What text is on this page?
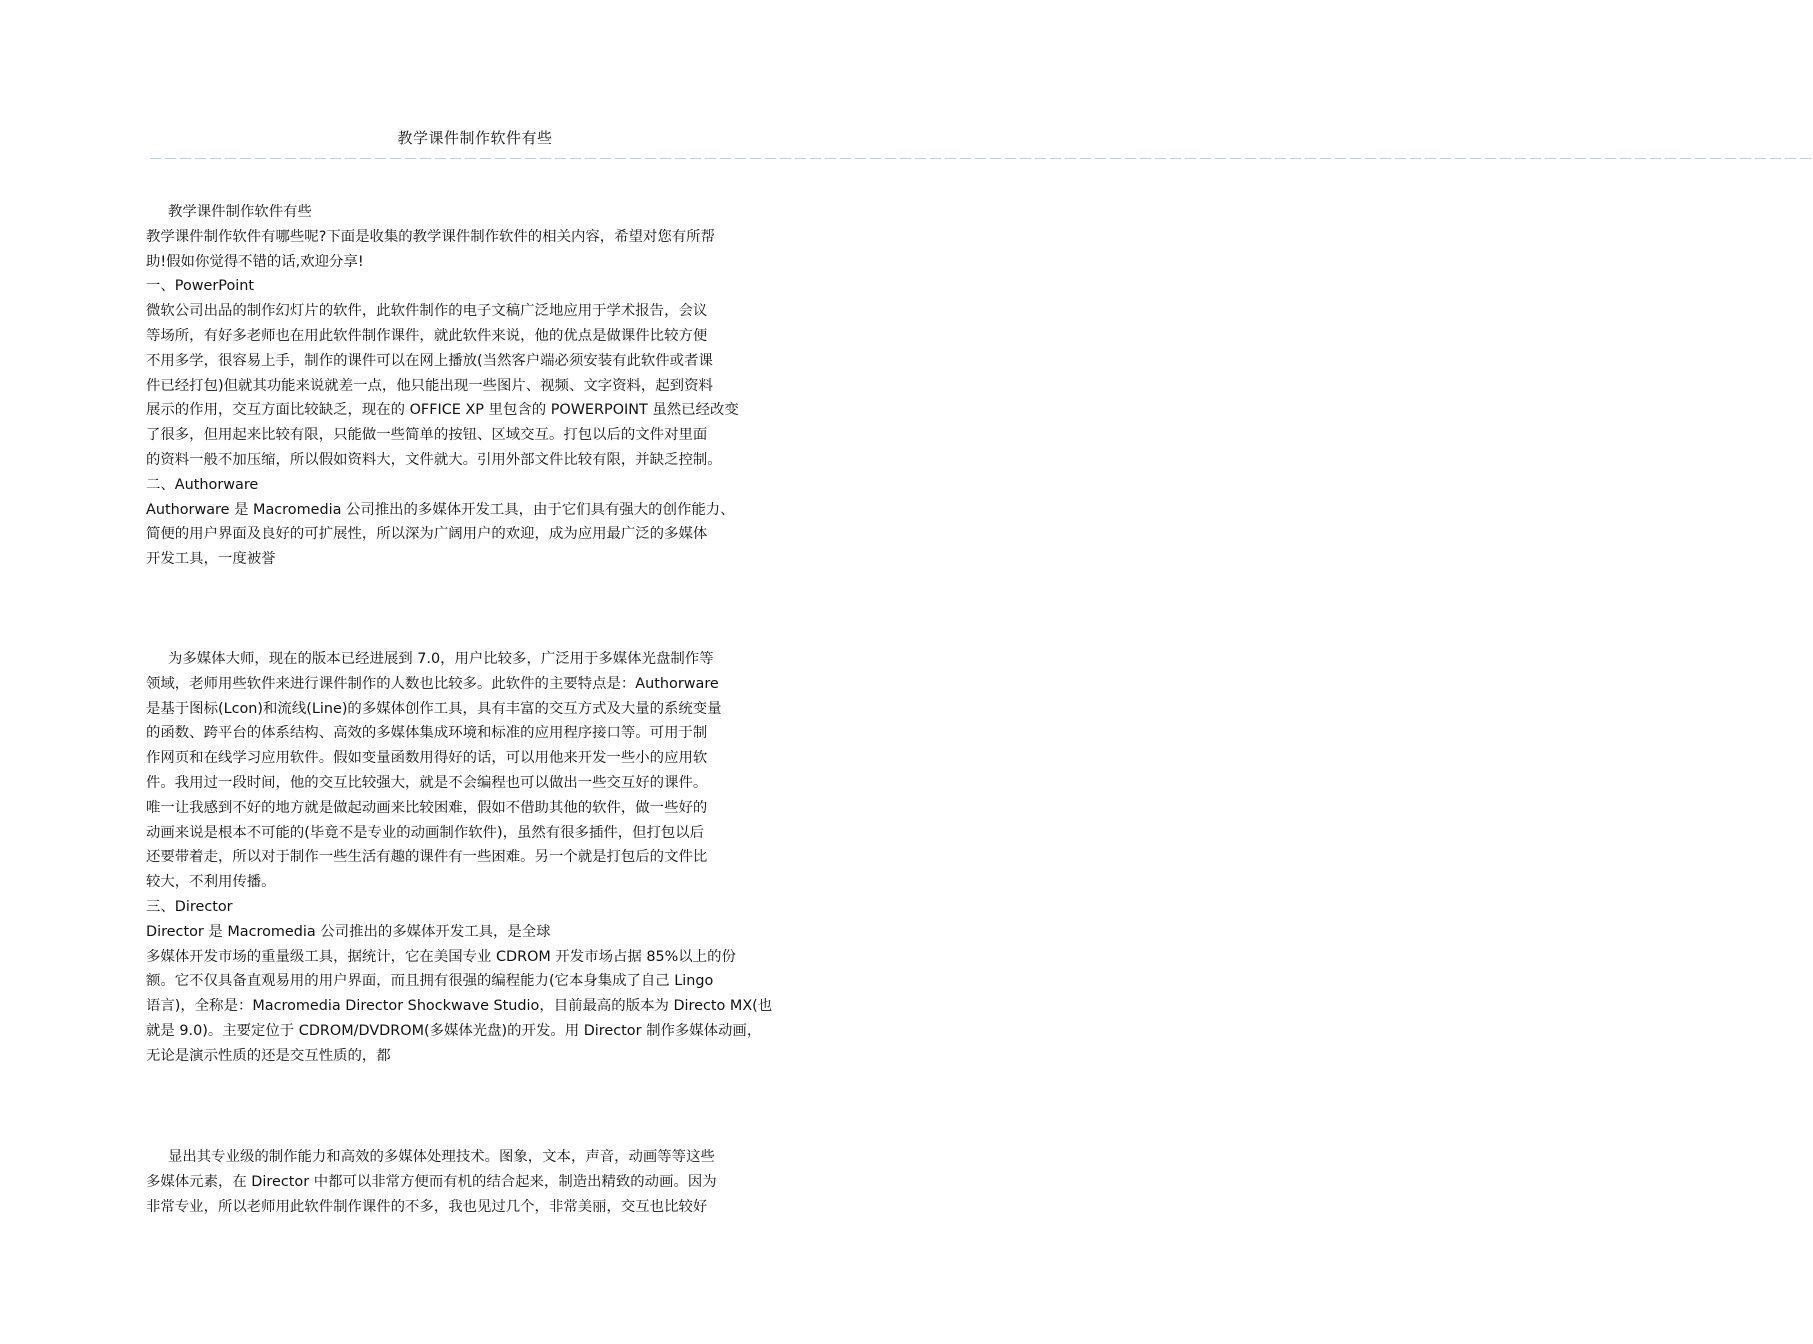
教学课件制作软件有些
－－－－－－－－－－－－－－－－－－－－－－－－－－－－－－－－－－－－－－－－－－－－－－－－－－－－－－－－－－－－－－－－－－－－－－－－－－－－－－－－－－－－－－－－－－－－－－－－－－－－－－－－－－－－－－－

教学课件制作软件有些

教学课件制作软件有哪些呢?下面是收集的教学课件制作软件的相关内容，希望对您有所帮

助!假如你觉得不错的话,欢迎分享!

一、PowerPoint

微软公司出品的制作幻灯片的软件，此软件制作的电子文稿广泛地应用于学术报告，会议

等场所，有好多老师也在用此软件制作课件，就此软件来说，他的优点是做课件比较方便

不用多学，很容易上手，制作的课件可以在网上播放(当然客户端必须安装有此软件或者课

件已经打包)但就其功能来说就差一点，他只能出现一些图片、视频、文字资料，起到资料

展示的作用，交互方面比较缺乏，现在的 OFFICE XP 里包含的 POWERPOINT 虽然已经改变

了很多，但用起来比较有限，只能做一些简单的按钮、区域交互。打包以后的文件对里面

的资料一般不加压缩，所以假如资料大，文件就大。引用外部文件比较有限，并缺乏控制。

二、Authorware

Authorware 是 Macromedia 公司推出的多媒体开发工具，由于它们具有强大的创作能力、

简便的用户界面及良好的可扩展性，所以深为广阔用户的欢迎，成为应用最广泛的多媒体

开发工具，一度被誉

为多媒体大师，现在的版本已经进展到 7.0，用户比较多，广泛用于多媒体光盘制作等

领域，老师用些软件来进行课件制作的人数也比较多。此软件的主要特点是：Authorware

是基于图标(Lcon)和流线(Line)的多媒体创作工具，具有丰富的交互方式及大量的系统变量

的函数、跨平台的体系结构、高效的多媒体集成环境和标准的应用程序接口等。可用于制

作网页和在线学习应用软件。假如变量函数用得好的话，可以用他来开发一些小的应用软

件。我用过一段时间，他的交互比较强大，就是不会编程也可以做出一些交互好的课件。

唯一让我感到不好的地方就是做起动画来比较困难，假如不借助其他的软件，做一些好的

动画来说是根本不可能的(毕竟不是专业的动画制作软件)，虽然有很多插件，但打包以后

还要带着走，所以对于制作一些生活有趣的课件有一些困难。另一个就是打包后的文件比

较大，不利用传播。

三、Director

Director 是 Macromedia 公司推出的多媒体开发工具，是全球

多媒体开发市场的重量级工具，据统计，它在美国专业 CDROM 开发市场占据 85%以上的份

额。它不仅具备直观易用的用户界面，而且拥有很强的编程能力(它本身集成了自己 Lingo

语言)，全称是：Macromedia Director Shockwave Studio，目前最高的版本为 Directo MX(也

就是 9.0)。主要定位于 CDROM/DVDROM(多媒体光盘)的开发。用 Director 制作多媒体动画，

无论是演示性质的还是交互性质的，都

显出其专业级的制作能力和高效的多媒体处理技术。图象，文本，声音，动画等等这些

多媒体元素，在 Director 中都可以非常方便而有机的结合起来，制造出精致的动画。因为

非常专业，所以老师用此软件制作课件的不多，我也见过几个，非常美丽，交互也比较好
